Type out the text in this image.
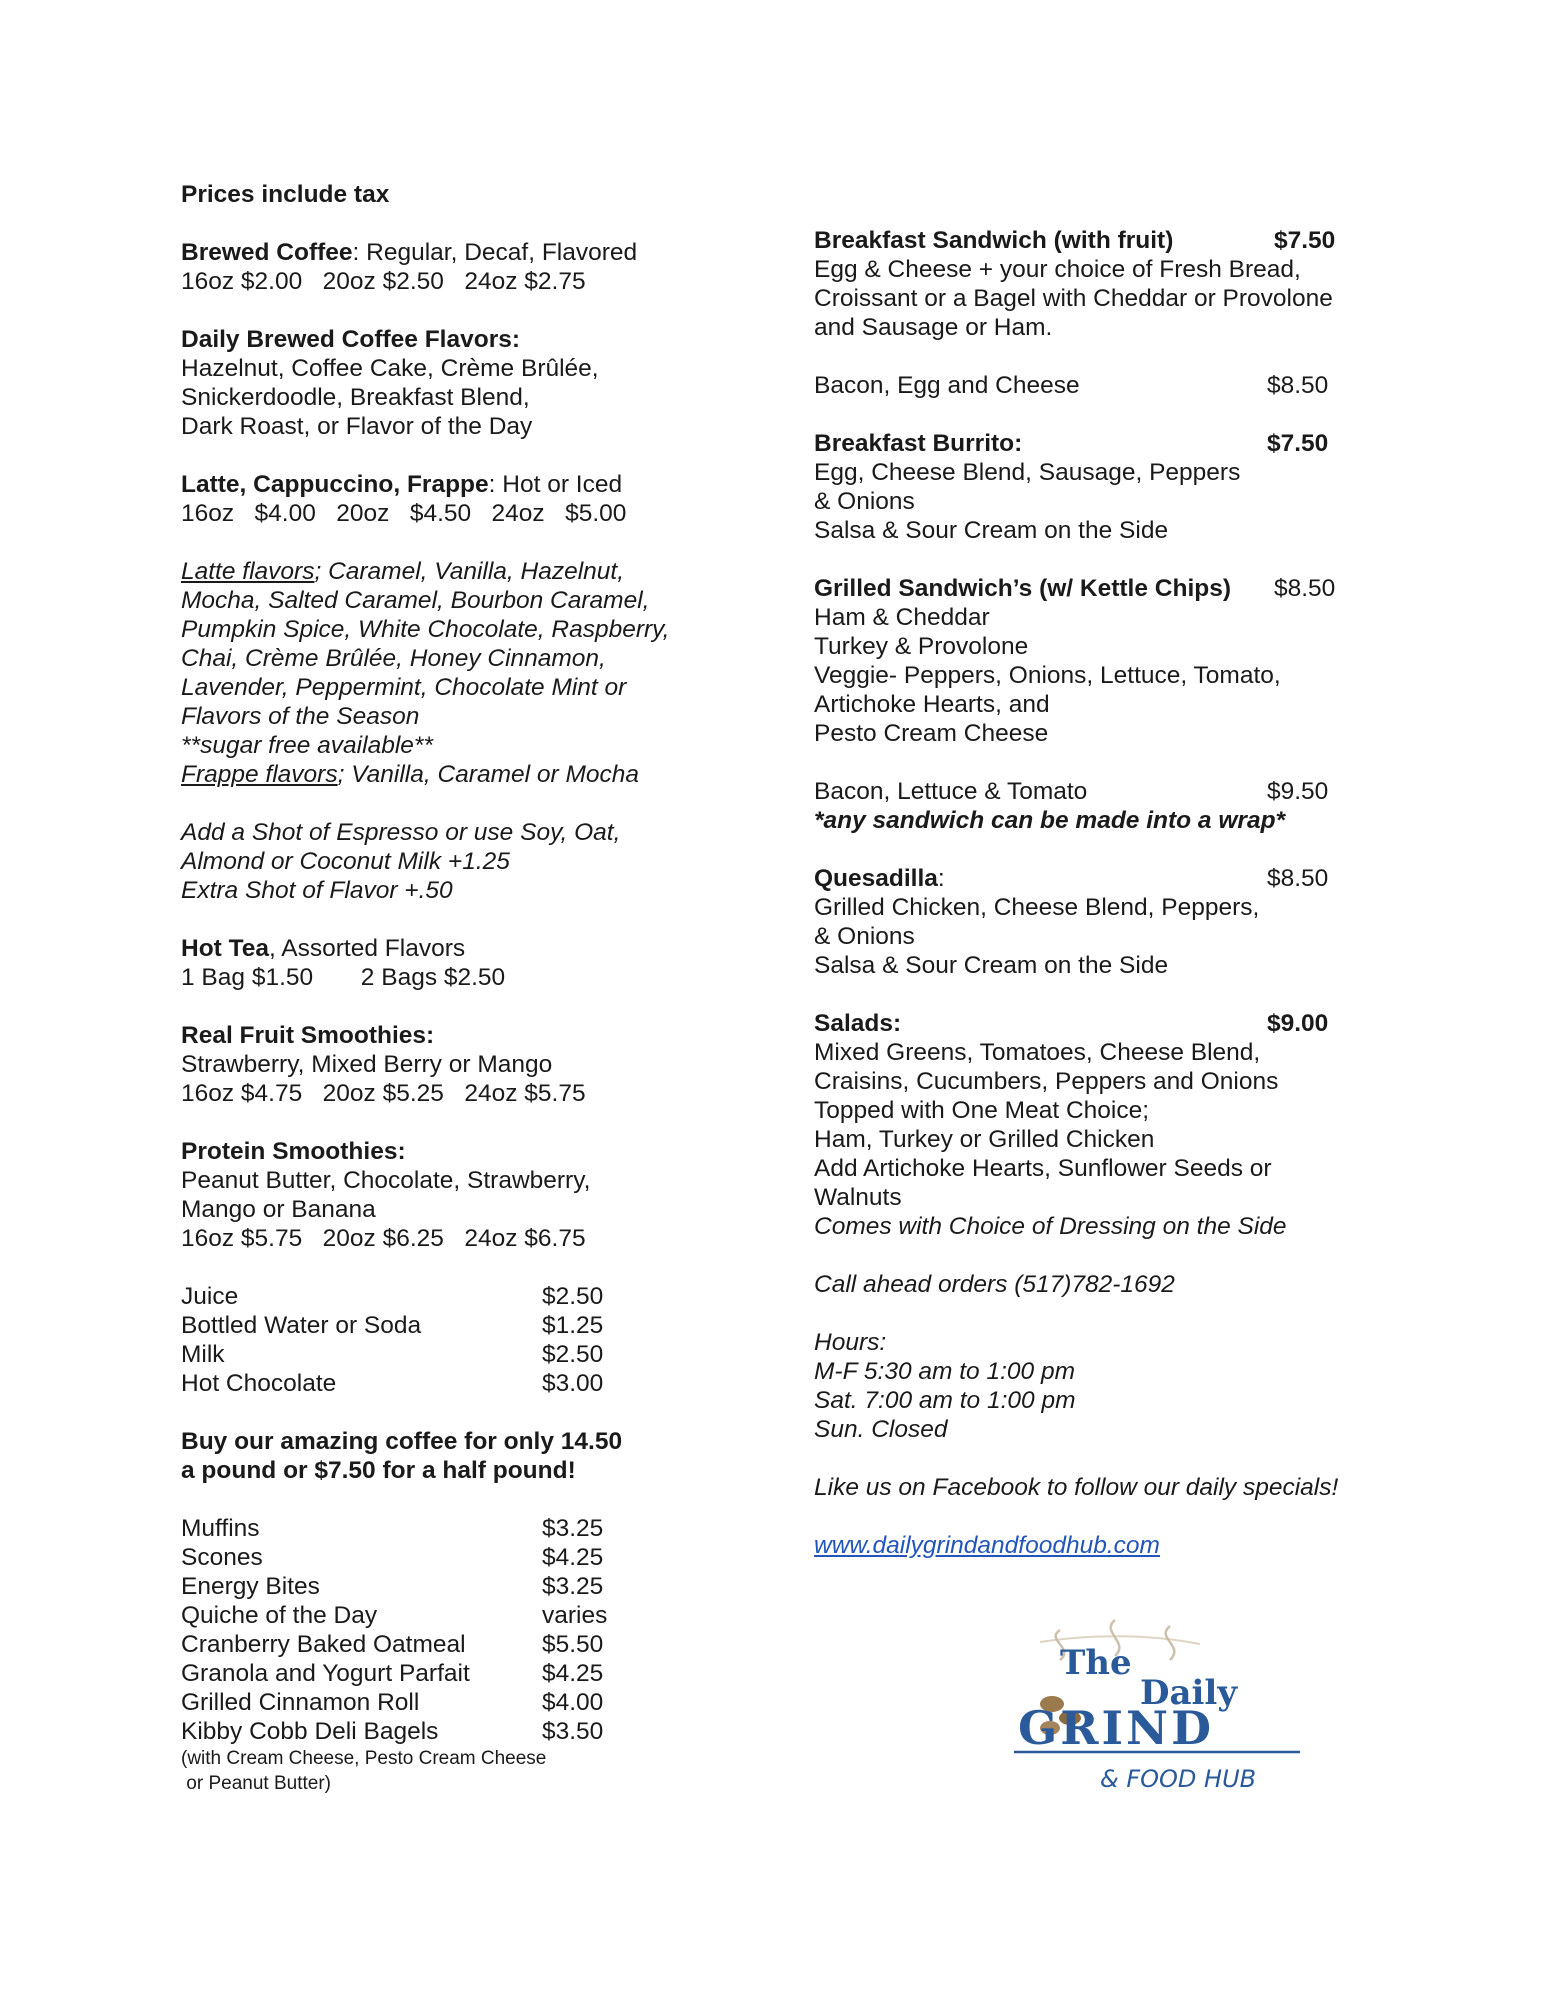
Prices include tax
Brewed Coffee: Regular, Decaf, Flavored
16oz $2.00   20oz $2.50   24oz $2.75
Daily Brewed Coffee Flavors:
Hazelnut, Coffee Cake, Crème Brûlée,
Snickerdoodle, Breakfast Blend,
Dark Roast, or Flavor of the Day
Latte, Cappuccino, Frappe: Hot or Iced
16oz   $4.00   20oz   $4.50   24oz   $5.00
Latte flavors; Caramel, Vanilla, Hazelnut,
Mocha, Salted Caramel, Bourbon Caramel,
Pumpkin Spice, White Chocolate, Raspberry,
Chai, Crème Brûlée, Honey Cinnamon,
Lavender, Peppermint, Chocolate Mint or
Flavors of the Season
**sugar free available**
Frappe flavors; Vanilla, Caramel or Mocha
Add a Shot of Espresso or use Soy, Oat,
Almond or Coconut Milk +1.25
Extra Shot of Flavor +.50
Hot Tea, Assorted Flavors
1 Bag $1.50       2 Bags $2.50
Real Fruit Smoothies:
Strawberry, Mixed Berry or Mango
16oz $4.75   20oz $5.25   24oz $5.75
Protein Smoothies:
Peanut Butter, Chocolate, Strawberry,
Mango or Banana
16oz $5.75   20oz $6.25   24oz $6.75
Juice	$2.50
Bottled Water or Soda	$1.25
Milk	$2.50
Hot Chocolate	$3.00
Buy our amazing coffee for only 14.50
a pound or $7.50 for a half pound!
Muffins	$3.25
Scones	$4.25
Energy Bites	$3.25
Quiche of the Day	varies
Cranberry Baked Oatmeal	$5.50
Granola and Yogurt Parfait	$4.25
Grilled Cinnamon Roll	$4.00
Kibby Cobb Deli Bagels	$3.50
(with Cream Cheese, Pesto Cream Cheese
or Peanut Butter)
Breakfast Sandwich (with fruit)	$7.50
Egg & Cheese + your choice of Fresh Bread,
Croissant or a Bagel with Cheddar or Provolone
and Sausage or Ham.
Bacon, Egg and Cheese	$8.50
Breakfast Burrito:	$7.50
Egg, Cheese Blend, Sausage, Peppers
& Onions
Salsa & Sour Cream on the Side
Grilled Sandwich’s (w/ Kettle Chips) $8.50
Ham & Cheddar
Turkey & Provolone
Veggie- Peppers, Onions, Lettuce, Tomato,
Artichoke Hearts, and
Pesto Cream Cheese
Bacon, Lettuce & Tomato	$9.50
*any sandwich can be made into a wrap*
Quesadilla:	$8.50
Grilled Chicken, Cheese Blend, Peppers,
& Onions
Salsa & Sour Cream on the Side
Salads:	$9.00
Mixed Greens, Tomatoes, Cheese Blend,
Craisins, Cucumbers, Peppers and Onions
Topped with One Meat Choice;
Ham, Turkey or Grilled Chicken
Add Artichoke Hearts, Sunflower Seeds or
Walnuts
Comes with Choice of Dressing on the Side
Call ahead orders (517)782-1692
Hours:
M-F 5:30 am to 1:00 pm
Sat. 7:00 am to 1:00 pm
Sun. Closed
Like us on Facebook to follow our daily specials!
www.dailygrindandfoodhub.com
The
Daily
GRIND
& FOOD HUB
